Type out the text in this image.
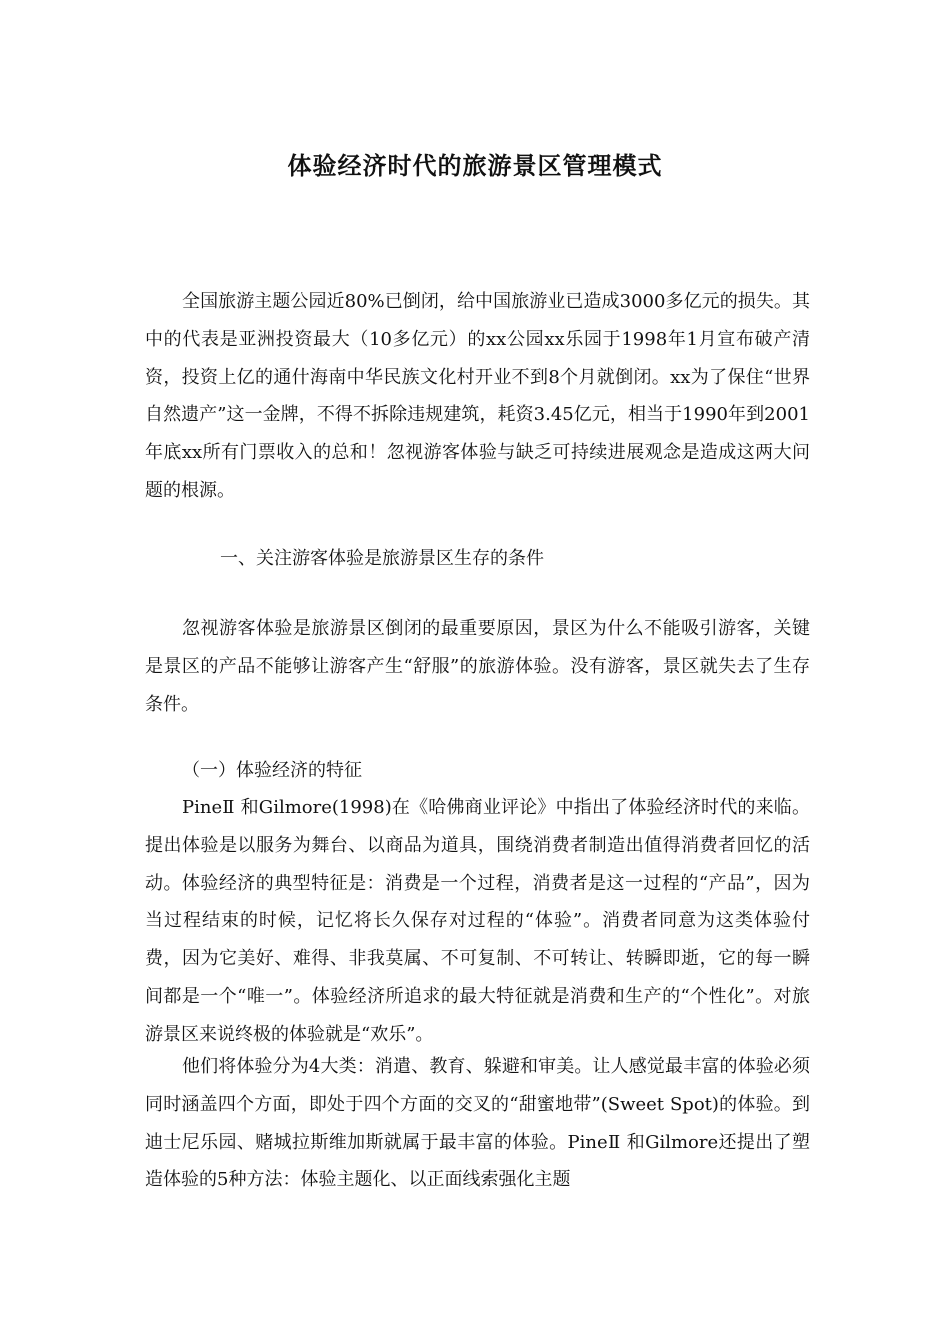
体验经济时代的旅游景区管理模式

全国旅游主题公园近80%已倒闭，给中国旅游业已造成3000多亿元的损失。其中的代表是亚洲投资最大（10多亿元）的xx公园xx乐园于1998年1月宣布破产清资，投资上亿的通什海南中华民族文化村开业不到8个月就倒闭。xx为了保住“世界自然遗产”这一金牌，不得不拆除违规建筑，耗资3.45亿元，相当于1990年到2001年底xx所有门票收入的总和！忽视游客体验与缺乏可持续进展观念是造成这两大问题的根源。

一、关注游客体验是旅游景区生存的条件

忽视游客体验是旅游景区倒闭的最重要原因，景区为什么不能吸引游客，关键是景区的产品不能够让游客产生“舒服”的旅游体验。没有游客，景区就失去了生存条件。

（一）体验经济的特征

PineⅡ 和Gilmore(1998)在《哈佛商业评论》中指出了体验经济时代的来临。提出体验是以服务为舞台、以商品为道具，围绕消费者制造出值得消费者回忆的活动。体验经济的典型特征是：消费是一个过程，消费者是这一过程的“产品”，因为当过程结束的时候，记忆将长久保存对过程的“体验”。消费者同意为这类体验付费，因为它美好、难得、非我莫属、不可复制、不可转让、转瞬即逝，它的每一瞬间都是一个“唯一”。体验经济所追求的最大特征就是消费和生产的“个性化”。对旅游景区来说终极的体验就是“欢乐”。

他们将体验分为4大类：消遣、教育、躲避和审美。让人感觉最丰富的体验必须同时涵盖四个方面，即处于四个方面的交叉的“甜蜜地带”(Sweet Spot)的体验。到迪士尼乐园、赌城拉斯维加斯就属于最丰富的体验。PineⅡ 和Gilmore还提出了塑造体验的5种方法：体验主题化、以正面线索强化主题
